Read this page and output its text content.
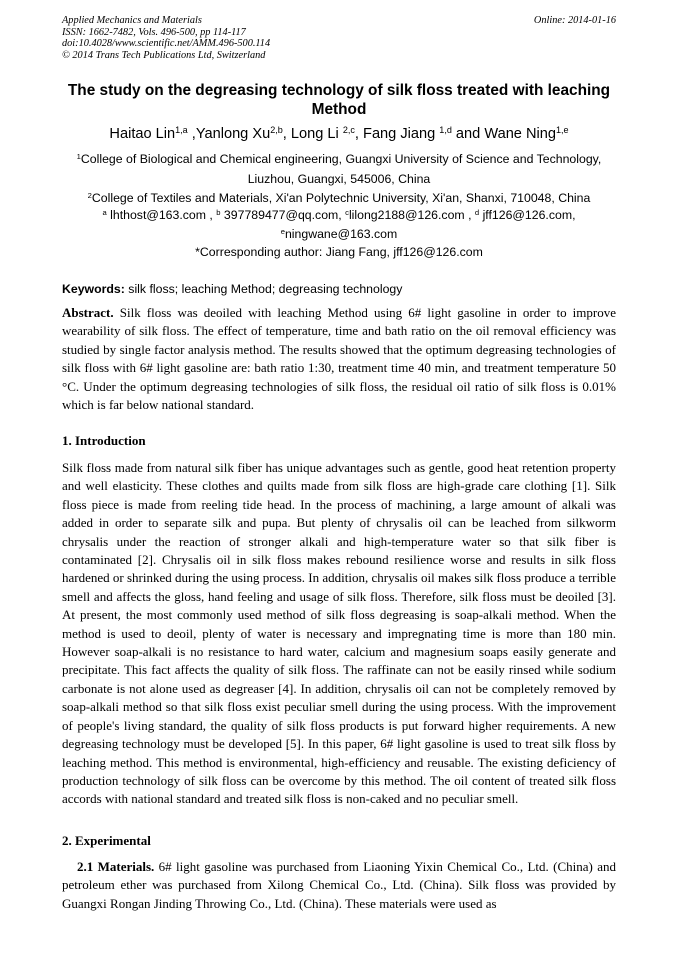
Applied Mechanics and Materials
ISSN: 1662-7482, Vols. 496-500, pp 114-117
doi:10.4028/www.scientific.net/AMM.496-500.114
© 2014 Trans Tech Publications Ltd, Switzerland
Online: 2014-01-16
The study on the degreasing technology of silk floss treated with leaching Method
Haitao Lin$^{1,a}$ ,Yanlong Xu$^{2,b}$, Long Li $^{2,c}$, Fang Jiang $^{1,d}$ and Wane Ning$^{1,e}$
$^1$College of Biological and Chemical engineering, Guangxi University of Science and Technology,
Liuzhou, Guangxi, 545006, China
$^2$College of Textiles and Materials, Xi'an Polytechnic University, Xi'an, Shanxi, 710048, China
$^a$ lhthost@163.com , $^b$ 397789477@qq.com, $^c$lilong2188@126.com , $^d$ jff126@126.com,
$^e$ningwane@163.com
*Corresponding author: Jiang Fang, jff126@126.com
Keywords: silk floss; leaching Method; degreasing technology

Abstract. Silk floss was deoiled with leaching Method using 6# light gasoline in order to improve wearability of silk floss. The effect of temperature, time and bath ratio on the oil removal efficiency was studied by single factor analysis method. The results showed that the optimum degreasing technologies of silk floss with 6# light gasoline are: bath ratio 1:30, treatment time 40 min, and treatment temperature 50 °C. Under the optimum degreasing technologies of silk floss, the residual oil ratio of silk floss is 0.01% which is far below national standard.

1. Introduction

Silk floss made from natural silk fiber has unique advantages such as gentle, good heat retention property and well elasticity. These clothes and quilts made from silk floss are high-grade care clothing [1]. Silk floss piece is made from reeling tide head. In the process of machining, a large amount of alkali was added in order to separate silk and pupa. But plenty of chrysalis oil can be leached from silkworm chrysalis under the reaction of stronger alkali and high-temperature water so that silk fiber is contaminated [2]. Chrysalis oil in silk floss makes rebound resilience worse and results in silk floss hardened or shrinked during the using process. In addition, chrysalis oil makes silk floss produce a terrible smell and affects the gloss, hand feeling and usage of silk floss. Therefore, silk floss must be deoiled [3]. At present, the most commonly used method of silk floss degreasing is soap-alkali method. When the method is used to deoil, plenty of water is necessary and impregnating time is more than 180 min. However soap-alkali is no resistance to hard water, calcium and magnesium soaps easily generate and precipitate. This fact affects the quality of silk floss. The raffinate can not be easily rinsed while sodium carbonate is not alone used as degreaser [4]. In addition, chrysalis oil can not be completely removed by soap-alkali method so that silk floss exist peculiar smell during the using process. With the improvement of people's living standard, the quality of silk floss products is put forward higher requirements. A new degreasing technology must be developed [5]. In this paper, 6# light gasoline is used to treat silk floss by leaching method. This method is environmental, high-efficiency and reusable. The existing deficiency of production technology of silk floss can be overcome by this method. The oil content of treated silk floss accords with national standard and treated silk floss is non-caked and no peculiar smell.

2. Experimental

2.1 Materials. 6# light gasoline was purchased from Liaoning Yixin Chemical Co., Ltd. (China) and petroleum ether was purchased from Xilong Chemical Co., Ltd. (China). Silk floss was provided by Guangxi Rongan Jinding Throwing Co., Ltd. (China). These materials were used as
